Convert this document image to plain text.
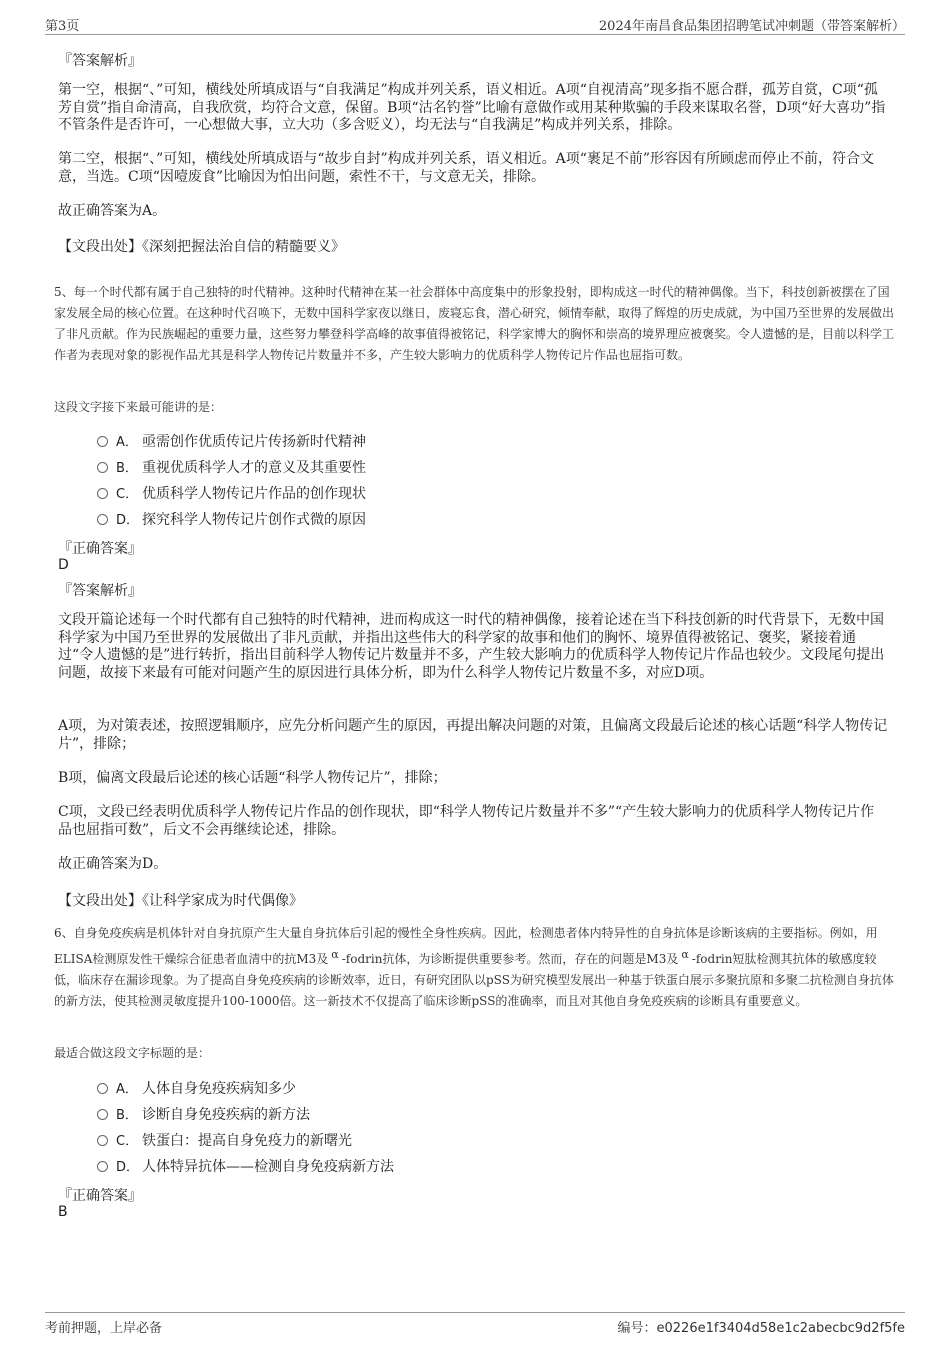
第3页	2024年南昌食品集团招聘笔试冲刺题（带答案解析）
『答案解析』

第一空，根据“、”可知，横线处所填成语与“自我满足”构成并列关系，语义相近。A项“自视清高”现多指不愿合群，孤芳自赏，C项“孤芳自赏”指自命清高，自我欣赏，均符合文意，保留。B项“沽名钓誉”比喻有意做作或用某种欺骗的手段来谋取名誉，D项“好大喜功”指不管条件是否许可，一心想做大事，立大功（多含贬义），均无法与“自我满足”构成并列关系，排除。

第二空，根据“、”可知，横线处所填成语与“故步自封”构成并列关系，语义相近。A项“裹足不前”形容因有所顾虑而停止不前，符合文意，当选。C项“因噎废食”比喻因为怕出问题，索性不干，与文意无关，排除。

故正确答案为A。

【文段出处】《深刻把握法治自信的精髓要义》

5、每一个时代都有属于自己独特的时代精神。这种时代精神在某一社会群体中高度集中的形象投射，即构成这一时代的精神偶像。当下，科技创新被摆在了国家发展全局的核心位置。在这种时代召唤下，无数中国科学家夜以继日，废寝忘食，潜心研究，倾情奉献，取得了辉煌的历史成就，为中国乃至世界的发展做出了非凡贡献。作为民族崛起的重要力量，这些努力攀登科学高峰的故事值得被铭记，科学家博大的胸怀和崇高的境界理应被褒奖。令人遗憾的是，目前以科学工作者为表现对象的影视作品尤其是科学人物传记片数量并不多，产生较大影响力的优质科学人物传记片作品也屈指可数。

这段文字接下来最可能讲的是：
A． 亟需创作优质传记片传扬新时代精神
B． 重视优质科学人才的意义及其重要性
C． 优质科学人物传记片作品的创作现状
D． 探究科学人物传记片创作式微的原因
『正确答案』
D
『答案解析』

文段开篇论述每一个时代都有自己独特的时代精神，进而构成这一时代的精神偶像，接着论述在当下科技创新的时代背景下，无数中国科学家为中国乃至世界的发展做出了非凡贡献，并指出这些伟大的科学家的故事和他们的胸怀、境界值得被铭记、褒奖，紧接着通过“令人遗憾的是”进行转折，指出目前科学人物传记片数量并不多，产生较大影响力的优质科学人物传记片作品也较少。文段尾句提出问题，故接下来最有可能对问题产生的原因进行具体分析，即为什么科学人物传记片数量不多，对应D项。

A项，为对策表述，按照逻辑顺序，应先分析问题产生的原因，再提出解决问题的对策，且偏离文段最后论述的核心话题“科学人物传记片”，排除；

B项，偏离文段最后论述的核心话题“科学人物传记片”，排除；

C项，文段已经表明优质科学人物传记片作品的创作现状，即“科学人物传记片数量并不多”“产生较大影响力的优质科学人物传记片作品也屈指可数”，后文不会再继续论述，排除。

故正确答案为D。

【文段出处】《让科学家成为时代偶像》

6、自身免疫疾病是机体针对自身抗原产生大量自身抗体后引起的慢性全身性疾病。因此，检测患者体内特异性的自身抗体是诊断该病的主要指标。例如，用ELISA检测原发性干燥综合征患者血清中的抗M3及 α -fodrin抗体，为诊断提供重要参考。然而，存在的问题是M3及 α -fodrin短肽检测其抗体的敏感度较低，临床存在漏诊现象。为了提高自身免疫疾病的诊断效率，近日，有研究团队以pSS为研究模型发展出一种基于铁蛋白展示多聚抗原和多聚二抗检测自身抗体的新方法，使其检测灵敏度提升100-1000倍。这一新技术不仅提高了临床诊断pSS的准确率，而且对其他自身免疫疾病的诊断具有重要意义。

最适合做这段文字标题的是：
A． 人体自身免疫疾病知多少
B． 诊断自身免疫疾病的新方法
C． 铁蛋白：提高自身免疫力的新曙光
D． 人体特异抗体——检测自身免疫病新方法
『正确答案』
B
考前押题，上岸必备	编号：e0226e1f3404d58e1c2abecbc9d2f5fe
